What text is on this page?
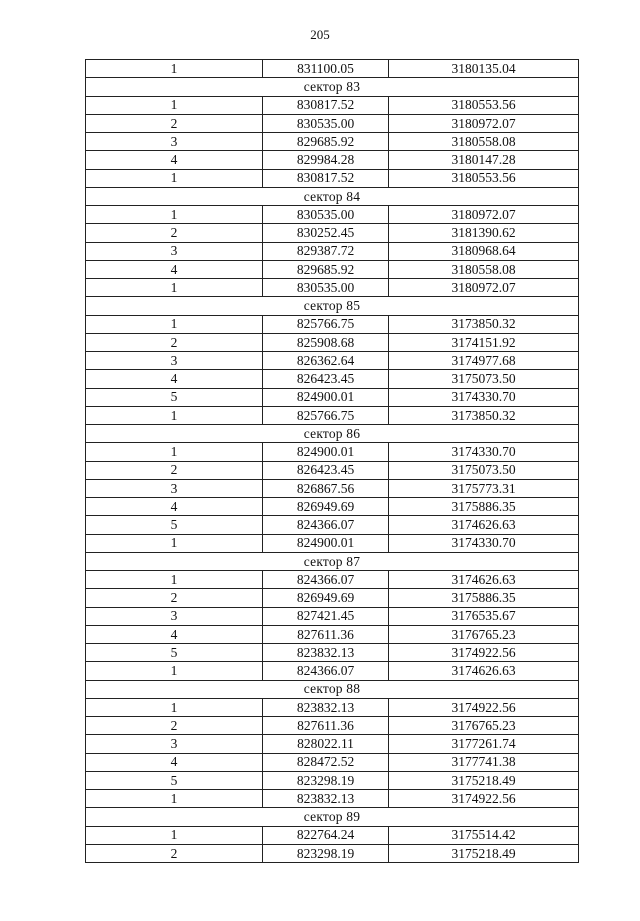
205
1	831100.05	3180135.04
сектор 83		
1	830817.52	3180553.56
2	830535.00	3180972.07
3	829685.92	3180558.08
4	829984.28	3180147.28
1	830817.52	3180553.56
сектор 84		
1	830535.00	3180972.07
2	830252.45	3181390.62
3	829387.72	3180968.64
4	829685.92	3180558.08
1	830535.00	3180972.07
сектор 85		
1	825766.75	3173850.32
2	825908.68	3174151.92
3	826362.64	3174977.68
4	826423.45	3175073.50
5	824900.01	3174330.70
1	825766.75	3173850.32
сектор 86		
1	824900.01	3174330.70
2	826423.45	3175073.50
3	826867.56	3175773.31
4	826949.69	3175886.35
5	824366.07	3174626.63
1	824900.01	3174330.70
сектор 87		
1	824366.07	3174626.63
2	826949.69	3175886.35
3	827421.45	3176535.67
4	827611.36	3176765.23
5	823832.13	3174922.56
1	824366.07	3174626.63
сектор 88		
1	823832.13	3174922.56
2	827611.36	3176765.23
3	828022.11	3177261.74
4	828472.52	3177741.38
5	823298.19	3175218.49
1	823832.13	3174922.56
сектор 89		
1	822764.24	3175514.42
2	823298.19	3175218.49
